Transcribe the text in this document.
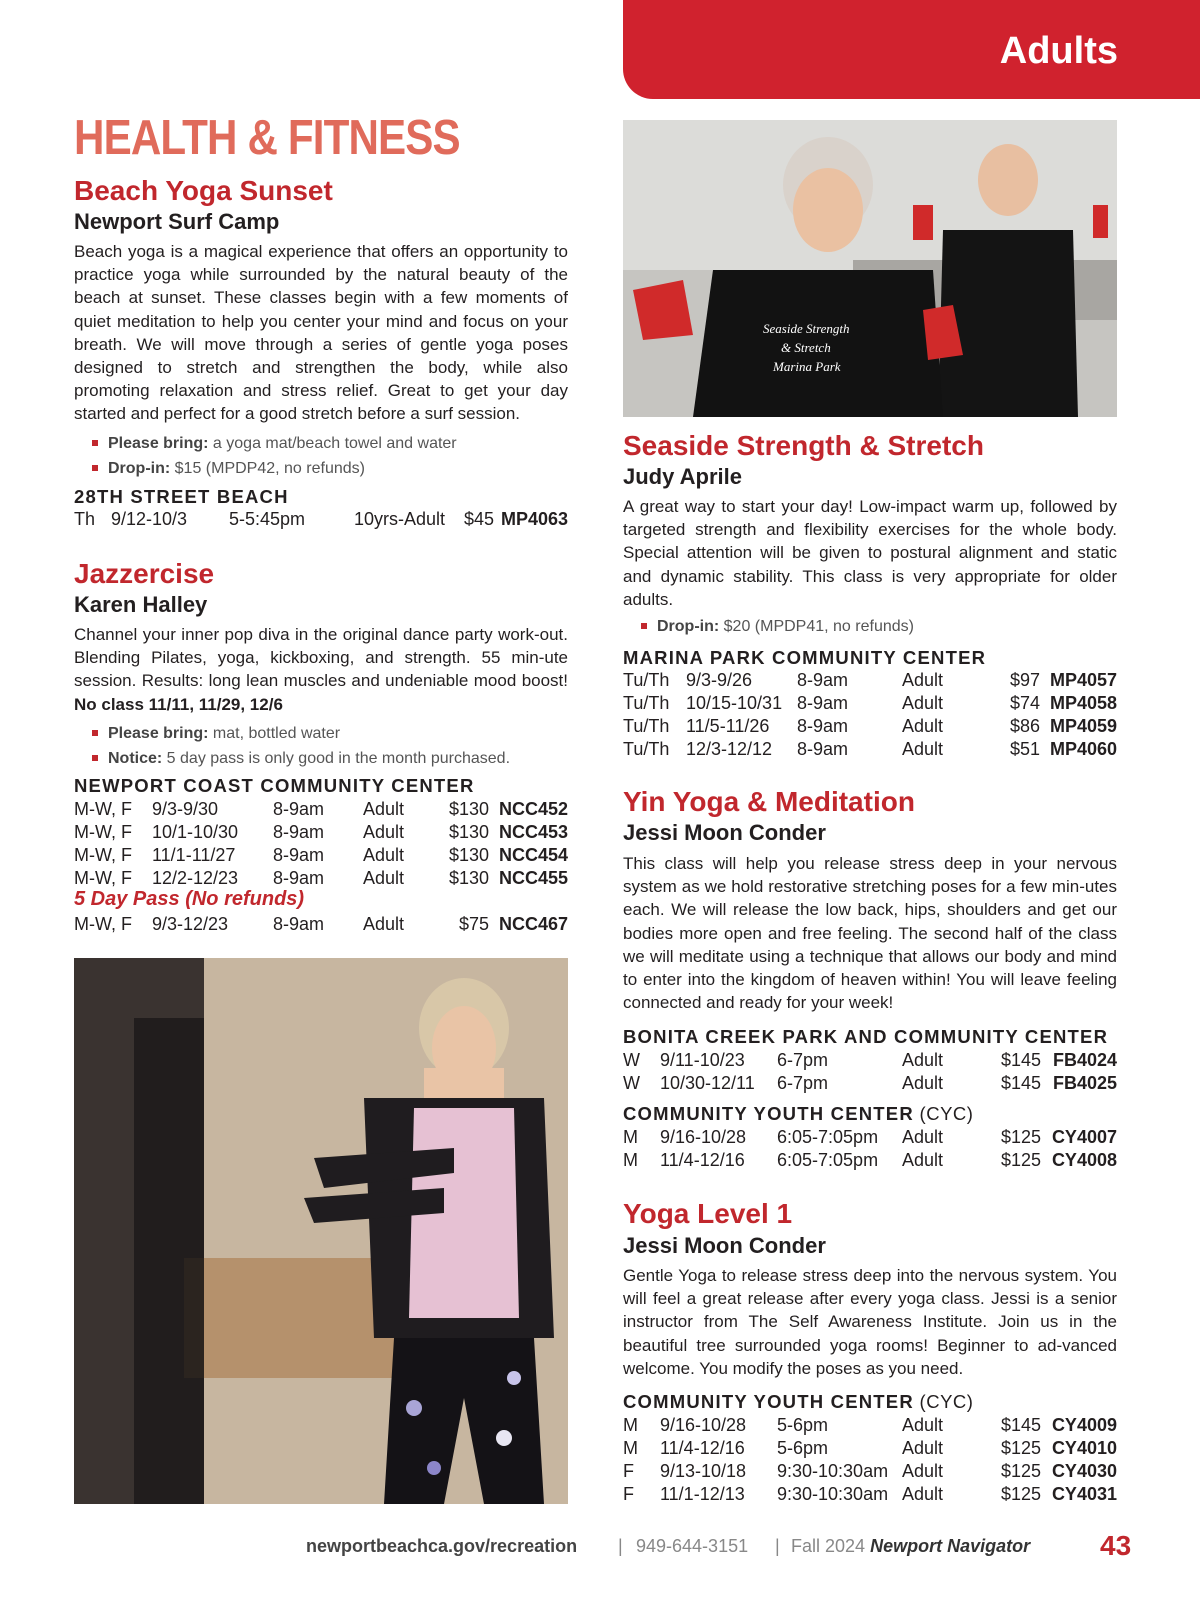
Adults
HEALTH & FITNESS
Beach Yoga Sunset
Newport Surf Camp

Beach yoga is a magical experience that offers an opportunity to practice yoga while surrounded by the natural beauty of the beach at sunset. These classes begin with a few moments of quiet meditation to help you center your mind and focus on your breath. We will move through a series of gentle yoga poses designed to stretch and strengthen the body, while also promoting relaxation and stress relief. Great to get your day started and perfect for a good stretch before a surf session.

Please bring: a yoga mat/beach towel and water
Drop-in: $15 (MPDP42, no refunds)
28TH STREET BEACH
Th 9/12-10/3 5-5:45pm	10yrs-Adult $45 MP4063
Jazzercise
Karen Halley

Channel your inner pop diva in the original dance party work-out. Blending Pilates, yoga, kickboxing, and strength. 55 min-ute session. Results: long lean muscles and undeniable mood boost! No class 11/11, 11/29, 12/6

Please bring: mat, bottled water
Notice: 5 day pass is only good in the month purchased.
NEWPORT COAST COMMUNITY CENTER
M-W, F 9/3-9/30	8-9am Adult $130 NCC452
M-W, F 10/1-10/30 8-9am Adult $130 NCC453
M-W, F 11/1-11/27 8-9am Adult $130 NCC454
M-W, F 12/2-12/23 8-9am Adult $130 NCC455
5 Day Pass (No refunds)
M-W, F 9/3-12/23 8-9am Adult	$75 NCC467
Seaside Strength
& Stretch
Marina Park
Seaside Strength & Stretch
Judy Aprile

A great way to start your day! Low-impact warm up, followed by targeted strength and flexibility exercises for the whole body. Special attention will be given to postural alignment and static and dynamic stability. This class is very appropriate for older adults.

Drop-in: $20 (MPDP41, no refunds)
MARINA PARK COMMUNITY CENTER
Tu/Th 9/3-9/26 8-9am	Adult	$97 MP4057
Tu/Th 10/15-10/31 8-9am	Adult	$74 MP4058
Tu/Th 11/5-11/26 8-9am	Adult	$86 MP4059
Tu/Th 12/3-12/12 8-9am	Adult	$51 MP4060
Yin Yoga & Meditation
Jessi Moon Conder

This class will help you release stress deep in your nervous system as we hold restorative stretching poses for a few min-utes each. We will release the low back, hips, shoulders and get our bodies more open and free feeling. The second half of the class we will meditate using a technique that allows our body and mind to enter into the kingdom of heaven within! You will leave feeling connected and ready for your week!

BONITA CREEK PARK AND COMMUNITY CENTER
W 9/11-10/23 6-7pm	Adult	$145 FB4024
W 10/30-12/11 6-7pm	Adult	$145 FB4025
COMMUNITY YOUTH CENTER (CYC)
M 9/16-10/28 6:05-7:05pm Adult	$125 CY4007
M 11/4-12/16 6:05-7:05pm Adult	$125 CY4008
Yoga Level 1
Jessi Moon Conder

Gentle Yoga to release stress deep into the nervous system. You will feel a great release after every yoga class. Jessi is a senior instructor from The Self Awareness Institute. Join us in the beautiful tree surrounded yoga rooms! Beginner to ad-vanced welcome. You modify the poses as you need.

COMMUNITY YOUTH CENTER (CYC)
M 9/16-10/28 5-6pm	Adult	$145 CY4009
M 11/4-12/16 5-6pm	Adult	$125 CY4010
F 9/13-10/18 9:30-10:30am Adult	$125 CY4030
F 11/1-12/13 9:30-10:30am Adult	$125 CY4031
newportbeachca.gov/recreation | 949-644-3151 | Fall 2024 Newport Navigator 43
